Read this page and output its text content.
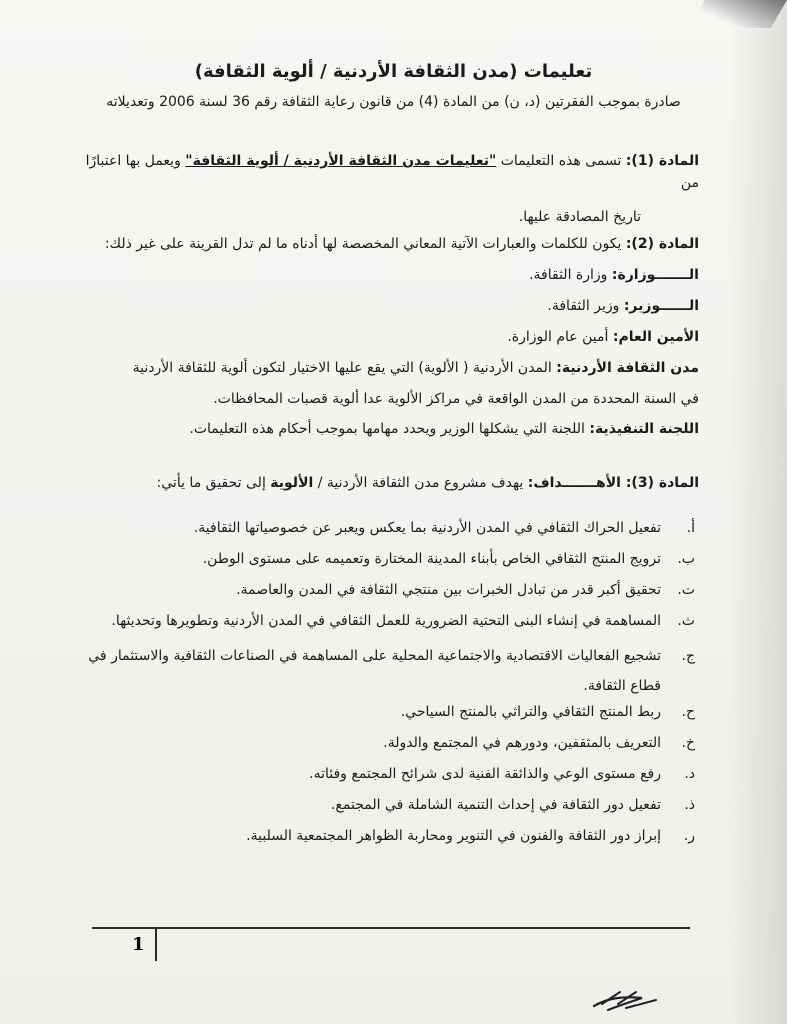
تعليمات (مدن الثقافة الأردنية / ألوية الثقافة)
صادرة بموجب الفقرتين (د، ن) من المادة (4) من قانون رعاية الثقافة رقم 36 لسنة 2006 وتعديلاته

المادة (1): تسمى هذه التعليمات "تعليمات مدن الثقافة الأردنية / ألوية الثقافة" ويعمل بها اعتبارًا من

تاريخ المصادقة عليها.

المادة (2): يكون للكلمات والعبارات الآتية المعاني المخصصة لها أدناه ما لم تدل القرينة على غير ذلك:
الـــــــوزارة: وزارة الثقافة.
الــــــوزير: وزير الثقافة.
الأمين العام: أمين عام الوزارة.
مدن الثقافة الأردنية: المدن الأردنية ( الألوية) التي يقع عليها الاختيار لتكون ألوية للثقافة الأردنية
في السنة المحددة من المدن الواقعة في مراكز الألوية عدا ألوية قصبات المحافظات.
اللجنة التنفيذية: اللجنة التي يشكلها الوزير ويحدد مهامها بموجب أحكام هذه التعليمات.
المادة (3): الأهـــــــداف: يهدف مشروع مدن الثقافة الأردنية / الألوية إلى تحقيق ما يأتي:

أ.
تفعيل الحراك الثقافي في المدن الأردنية بما يعكس ويعبر عن خصوصياتها الثقافية.

ب.
ترويج المنتج الثقافي الخاص بأبناء المدينة المختارة وتعميمه على مستوى الوطن.

ت.
تحقيق أكبر قدر من تبادل الخبرات بين منتجي الثقافة في المدن والعاصمة.

ث.
المساهمة في إنشاء البنى التحتية الضرورية للعمل الثقافي في المدن الأردنية وتطويرها وتحديثها.

ج.
تشجيع الفعاليات الاقتصادية والاجتماعية المحلية على المساهمة في الصناعات الثقافية والاستثمار في قطاع الثقافة.

ح.
ربط المنتج الثقافي والتراثي بالمنتج السياحي.

خ.
التعريف بالمثقفين، ودورهم في المجتمع والدولة.

د.
رفع مستوى الوعي والذائقة الفنية لدى شرائح المجتمع وفئاته.

ذ.
تفعيل دور الثقافة في إحداث التنمية الشاملة في المجتمع.

ر.
إبراز دور الثقافة والفنون في التنوير ومحاربة الظواهر المجتمعية السلبية.

1
